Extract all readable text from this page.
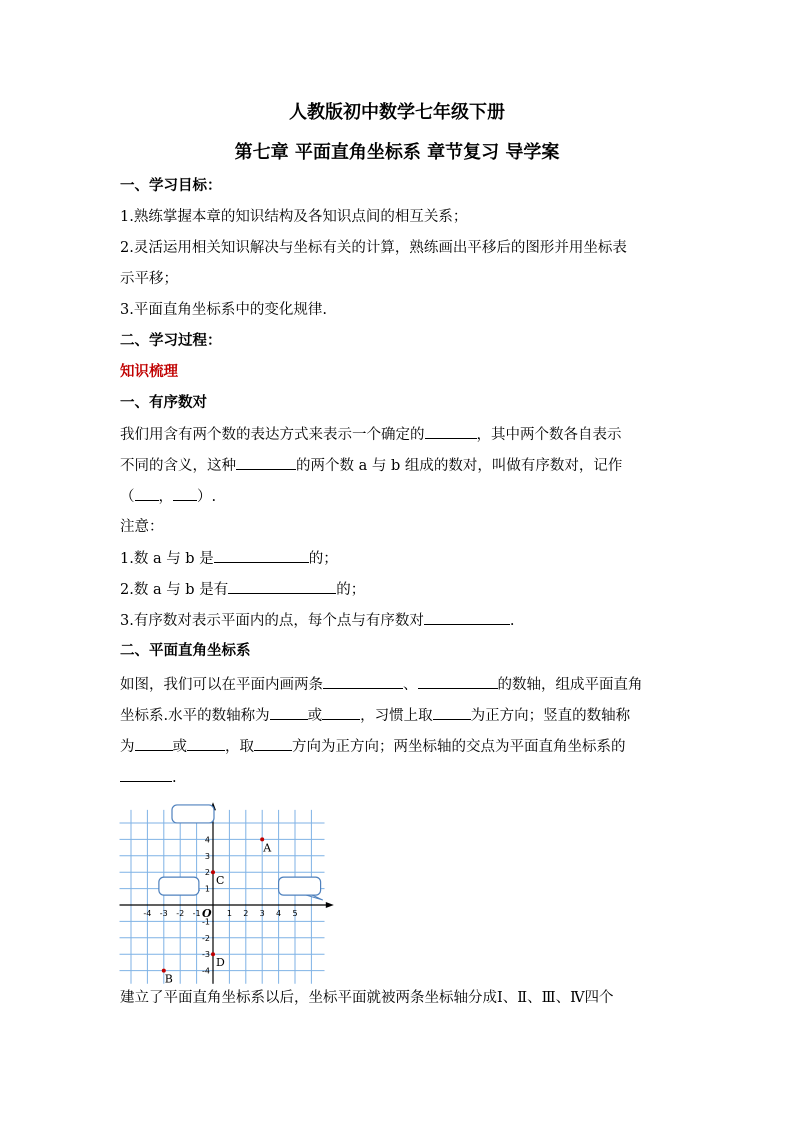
人教版初中数学七年级下册
第七章 平面直角坐标系 章节复习 导学案
一、学习目标：
1.熟练掌握本章的知识结构及各知识点间的相互关系；
2.灵活运用相关知识解决与坐标有关的计算，熟练画出平移后的图形并用坐标表
示平移；
3.平面直角坐标系中的变化规律.
二、学习过程：
知识梳理
一、有序数对
我们用含有两个数的表达方式来表示一个确定的	，其中两个数各自表示
不同的含义，这种	的两个数 a 与 b 组成的数对，叫做有序数对，记作
（ ， ）.
注意：
1.数 a 与 b 是	的；
2.数 a 与 b 是有	的；
3.有序数对表示平面内的点，每个点与有序数对	.
二、平面直角坐标系
如图，我们可以在平面内画两条	、	的数轴，组成平面直角
坐标系.水平的数轴称为	或	，习惯上取	为正方向；竖直的数轴称
为	或	，取	方向为正方向；两坐标轴的交点为平面直角坐标系的
.
-4 -3 -2 -1	1 2 3 4 5
4
3
2
1
-1
-2
-3
-4
O
A
B
C
D
建立了平面直角坐标系以后，坐标平面就被两条坐标轴分成Ⅰ、Ⅱ、Ⅲ、Ⅳ四个
